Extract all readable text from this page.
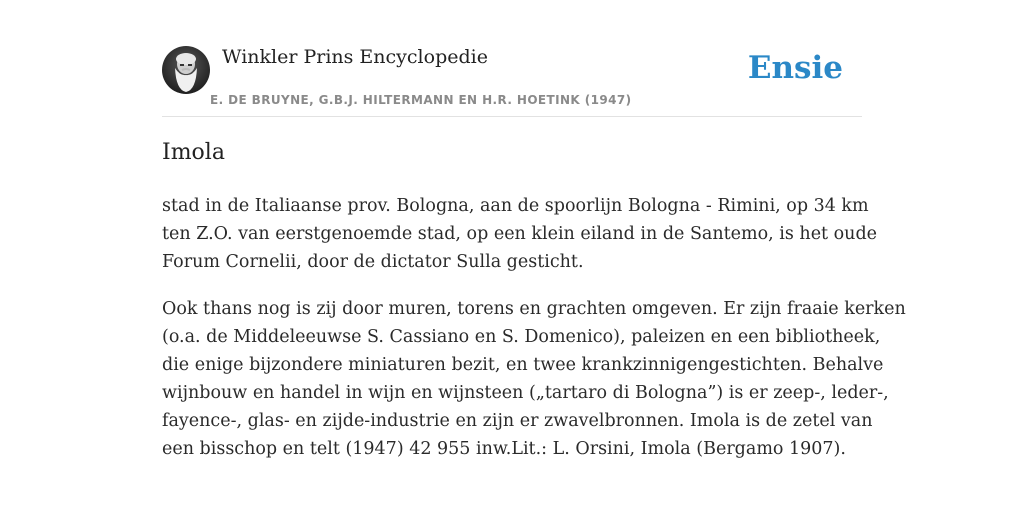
Winkler Prins Encyclopedie
E. DE BRUYNE, G.B.J. HILTERMANN EN H.R. HOETINK (1947)
Ensie
Imola

stad in de Italiaanse prov. Bologna, aan de spoorlijn Bologna - Rimini, op 34 km
ten Z.O. van eerstgenoemde stad, op een klein eiland in de Santemo, is het oude
Forum Cornelii, door de dictator Sulla gesticht.

Ook thans nog is zij door muren, torens en grachten omgeven. Er zijn fraaie kerken
(o.a. de Middeleeuwse S. Cassiano en S. Domenico), paleizen en een bibliotheek,
die enige bijzondere miniaturen bezit, en twee krankzinnigengestichten. Behalve
wijnbouw en handel in wijn en wijnsteen („tartaro di Bologna”) is er zeep-, leder-,
fayence-, glas- en zijde-industrie en zijn er zwavelbronnen. Imola is de zetel van
een bisschop en telt (1947) 42 955 inw.Lit.: L. Orsini, Imola (Bergamo 1907).
